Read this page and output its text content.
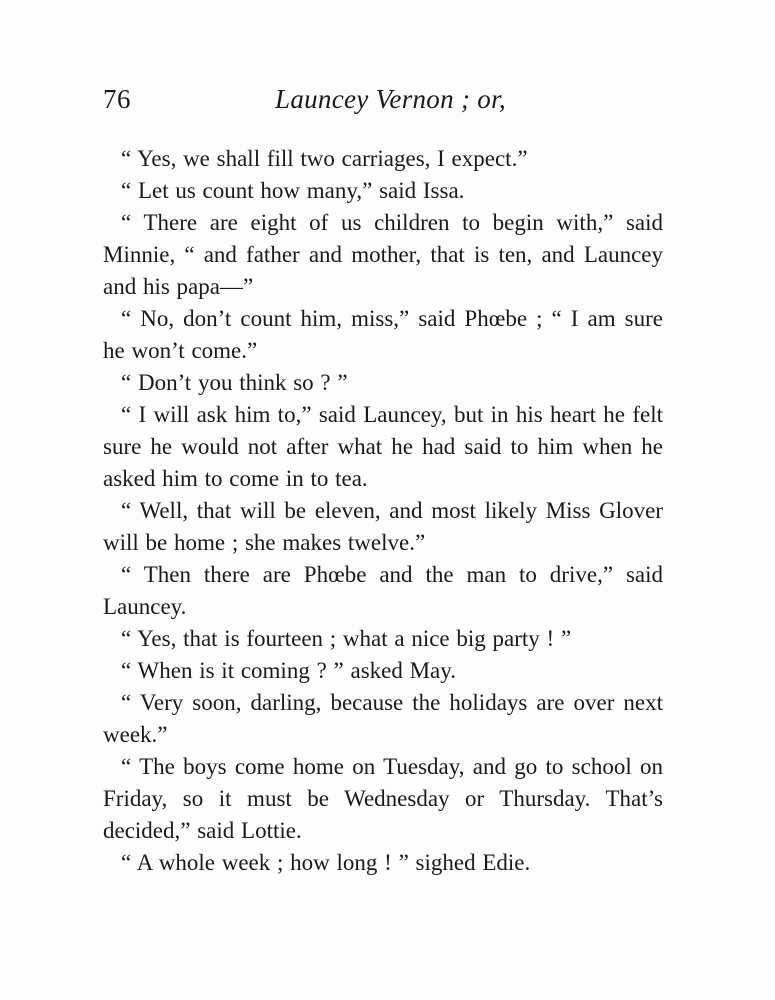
76	Launcey Vernon ; or,

“ Yes, we shall fill two carriages, I expect.”

“ Let us count how many,” said Issa.

“ There are eight of us children to begin with,” said Minnie, “ and father and mother, that is ten, and Launcey and his papa—”

“ No, don’t count him, miss,” said Phœbe ; “ I am sure he won’t come.”

“ Don’t you think so ? ”

“ I will ask him to,” said Launcey, but in his heart he felt sure he would not after what he had said to him when he asked him to come in to tea.

“ Well, that will be eleven, and most likely Miss Glover will be home ; she makes twelve.”

“ Then there are Phœbe and the man to drive,” said Launcey.

“ Yes, that is fourteen ; what a nice big party ! ”

“ When is it coming ? ” asked May.

“ Very soon, darling, because the holidays are over next week.”

“ The boys come home on Tuesday, and go to school on Friday, so it must be Wednesday or Thursday. That’s decided,” said Lottie.

“ A whole week ; how long ! ” sighed Edie.
